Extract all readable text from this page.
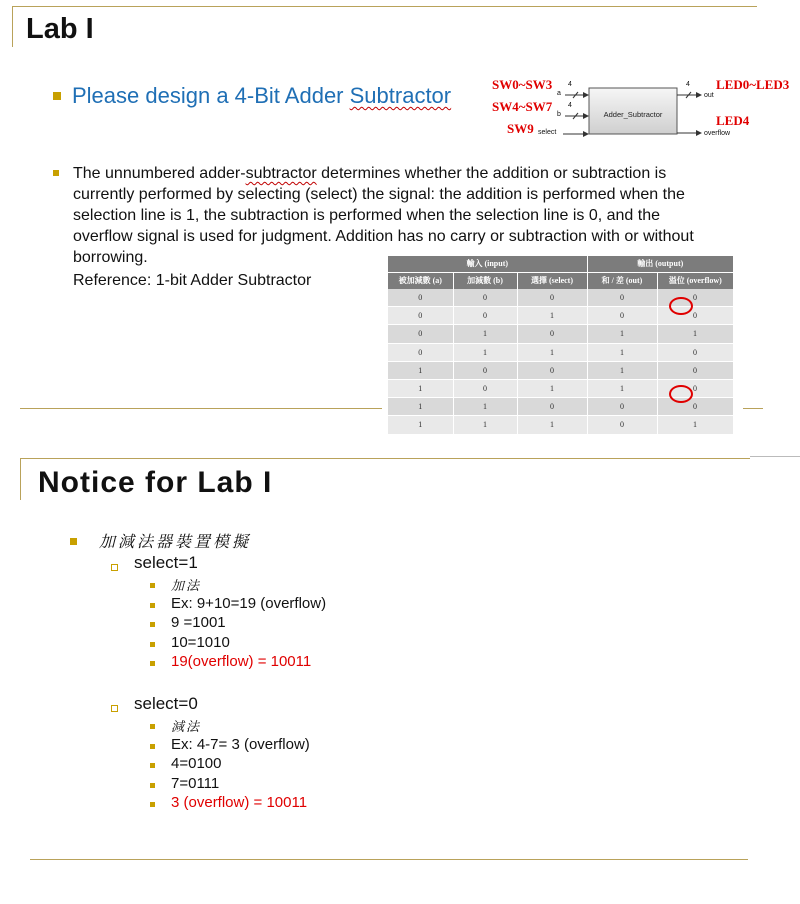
Lab I
Please design a 4-Bit Adder Subtractor	SW0~SW3
SW4~SW7
SW9
LED0~LED3
LED4
Adder_Subtractor
a
b
select
4
4
4
out
overflow
The unnumbered adder-subtractor determines whether the addition or subtraction is
currently performed by selecting (select) the signal: the addition is performed when the
selection line is 1, the subtraction is performed when the selection line is 0, and the
overflow signal is used for judgment. Addition has no carry or subtraction with or without
borrowing.
Reference: 1-bit Adder Subtractor
輸入 (input)			輸出 (output)	
被加減數 (a)	加減數 (b)	選擇 (select)	和 / 差 (out)	溢位 (overflow)
0	0	0	0	0
0	0	1	0	0
0	1	0	1	1
0	1	1	1	0
1	0	0	1	0
1	0	1	1	0
1	1	0	0	0
1	1	1	0	1
Notice for Lab I
加減法器裝置模擬
select=1
加法
Ex: 9+10=19 (overflow)
9 =1001
10=1010
19(overflow) = 10011
select=0
減法
Ex: 4-7= 3 (overflow)
4=0100
7=0111
3 (overflow) = 10011
